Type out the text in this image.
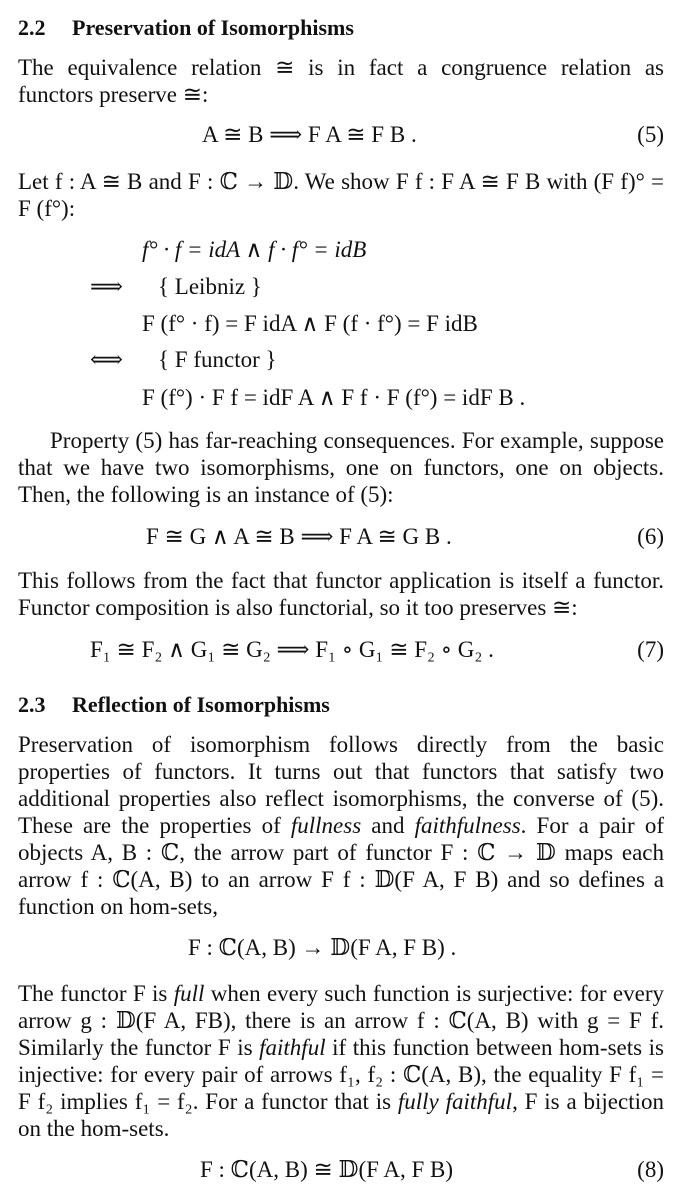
2.2 Preservation of Isomorphisms
The equivalence relation ≅ is in fact a congruence relation as functors preserve ≅:
A ≅ B ⟹ F A ≅ F B .	(5)
Let f : A ≅ B and F : ℂ → 𝔻. We show F f : F A ≅ F B with (F f)° = F (f°):
f° · f = idA ∧ f · f° = idB
⟹ { Leibniz }
F (f° · f) = F idA ∧ F (f · f°) = F idB
⟺ { F functor }
F (f°) · F f = idF A ∧ F f · F (f°) = idF B .
Property (5) has far-reaching consequences. For example, suppose that we have two isomorphisms, one on functors, one on objects. Then, the following is an instance of (5):
F ≅ G ∧ A ≅ B ⟹ F A ≅ G B .	(6)
This follows from the fact that functor application is itself a functor. Functor composition is also functorial, so it too preserves ≅:
F₁ ≅ F₂ ∧ G₁ ≅ G₂ ⟹ F₁ ∘ G₁ ≅ F₂ ∘ G₂ .	(7)
2.3 Reflection of Isomorphisms
Preservation of isomorphism follows directly from the basic properties of functors. It turns out that functors that satisfy two additional properties also reflect isomorphisms, the converse of (5). These are the properties of fullness and faithfulness. For a pair of objects A, B : ℂ, the arrow part of functor F : ℂ → 𝔻 maps each arrow f : ℂ(A, B) to an arrow F f : 𝔻(F A, F B) and so defines a function on hom-sets,
F : ℂ(A, B) → 𝔻(F A, F B) .
The functor F is full when every such function is surjective: for every arrow g : 𝔻(F A, FB), there is an arrow f : ℂ(A, B) with g = F f. Similarly the functor F is faithful if this function between hom-sets is injective: for every pair of arrows f₁, f₂ : ℂ(A, B), the equality F f₁ = F f₂ implies f₁ = f₂. For a functor that is fully faithful, F is a bijection on the hom-sets.
F : ℂ(A, B) ≅ 𝔻(F A, F B)	(8)
